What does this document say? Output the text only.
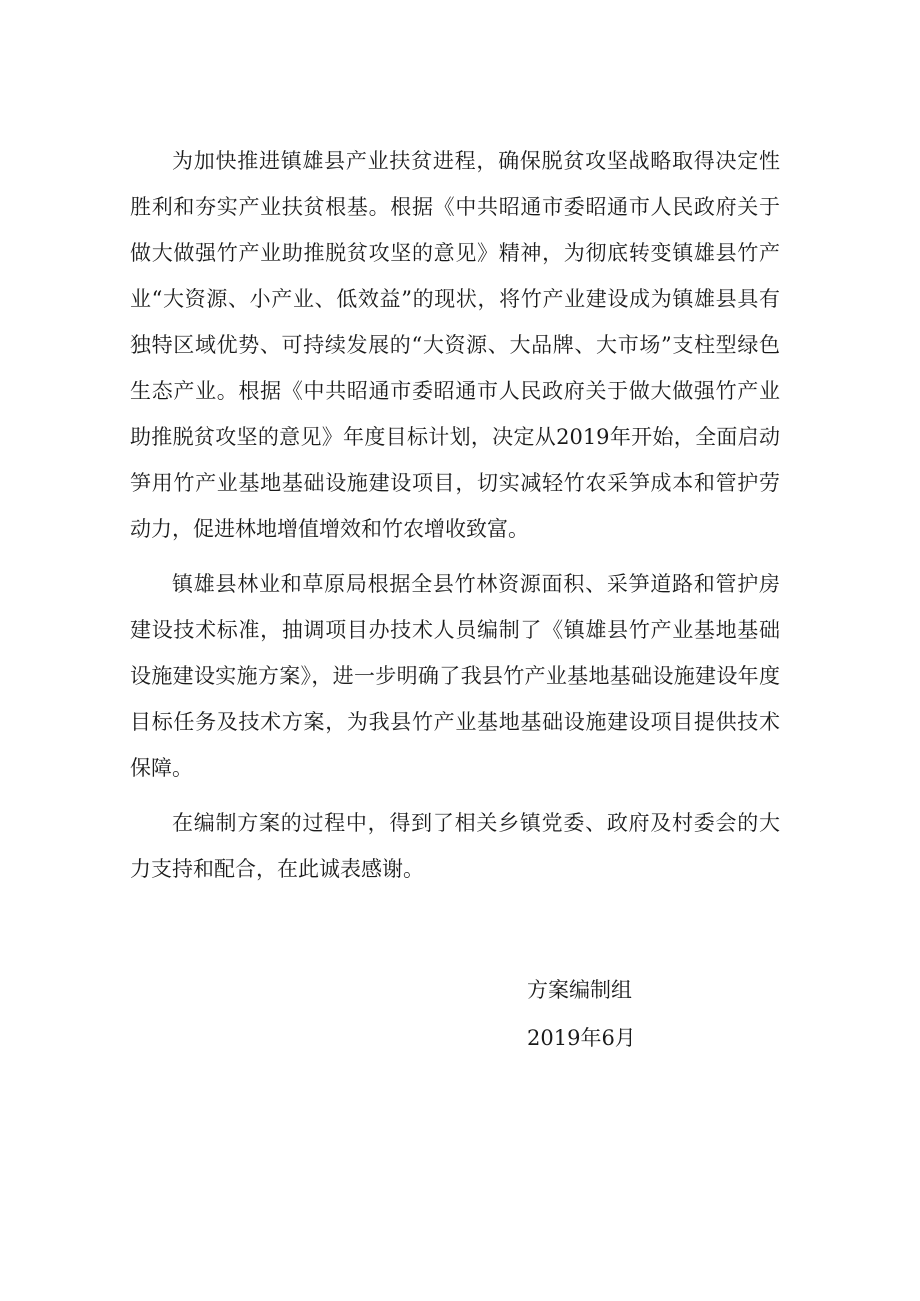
为加快推进镇雄县产业扶贫进程，确保脱贫攻坚战略取得决定性胜利和夯实产业扶贫根基。根据《中共昭通市委昭通市人民政府关于做大做强竹产业助推脱贫攻坚的意见》精神，为彻底转变镇雄县竹产业“大资源、小产业、低效益”的现状，将竹产业建设成为镇雄县具有独特区域优势、可持续发展的“大资源、大品牌、大市场”支柱型绿色生态产业。根据《中共昭通市委昭通市人民政府关于做大做强竹产业助推脱贫攻坚的意见》年度目标计划，决定从2019年开始，全面启动笋用竹产业基地基础设施建设项目，切实减轻竹农采笋成本和管护劳动力，促进林地增值增效和竹农增收致富。

镇雄县林业和草原局根据全县竹林资源面积、采笋道路和管护房建设技术标准，抽调项目办技术人员编制了《镇雄县竹产业基地基础设施建设实施方案》，进一步明确了我县竹产业基地基础设施建设年度目标任务及技术方案，为我县竹产业基地基础设施建设项目提供技术保障。

在编制方案的过程中，得到了相关乡镇党委、政府及村委会的大力支持和配合，在此诚表感谢。

方案编制组
2019年6月
